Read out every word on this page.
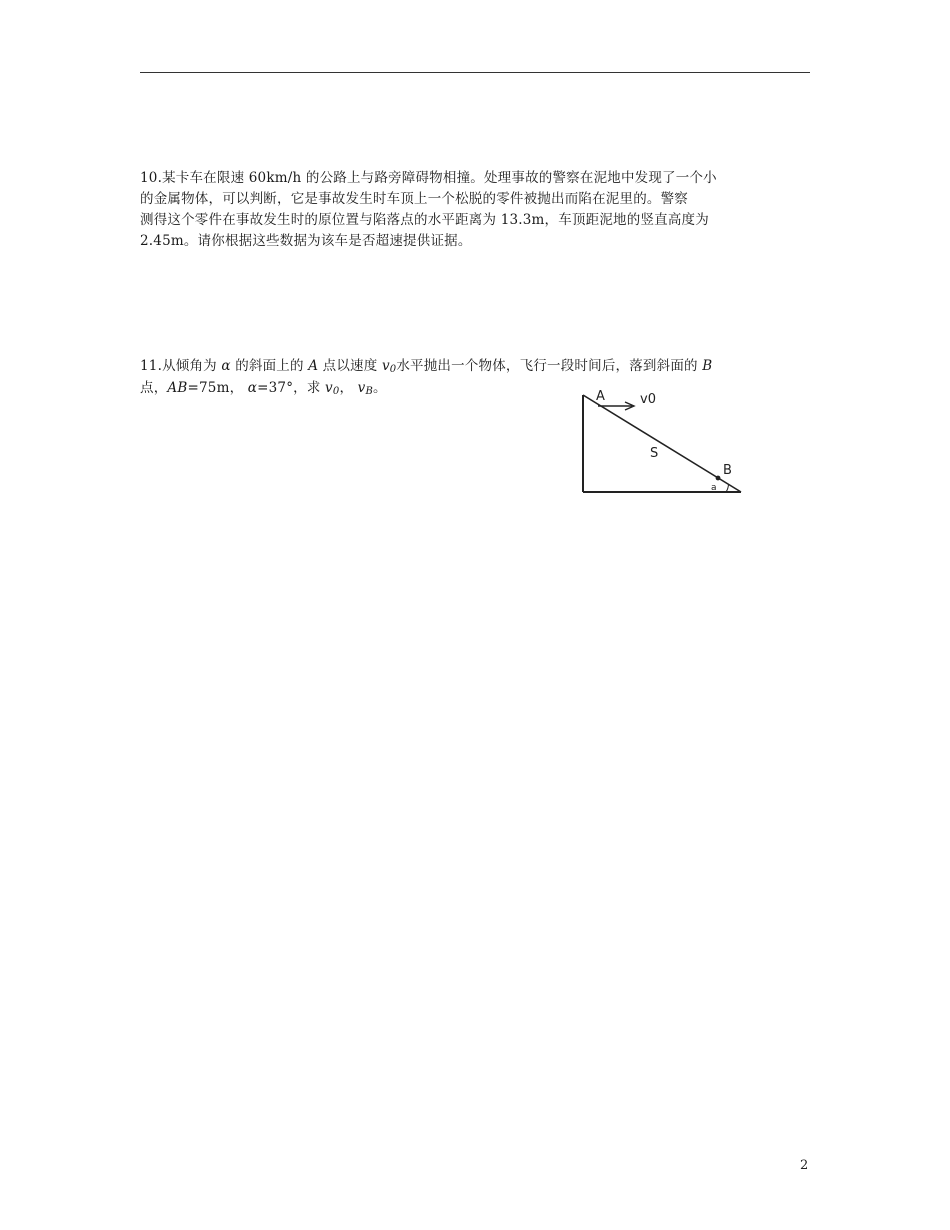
10.某卡车在限速 60km/h 的公路上与路旁障碍物相撞。处理事故的警察在泥地中发现了一个小
的金属物体，可以判断，它是事故发生时车顶上一个松脱的零件被抛出而陷在泥里的。警察
测得这个零件在事故发生时的原位置与陷落点的水平距离为 13.3m，车顶距泥地的竖直高度为
2.45m。请你根据这些数据为该车是否超速提供证据。
11.从倾角为 α 的斜面上的 A 点以速度 v0水平抛出一个物体，飞行一段时间后，落到斜面的 B
点，AB=75m， α=37°，求 v0， vB。
A	v0
S
B
a
2
